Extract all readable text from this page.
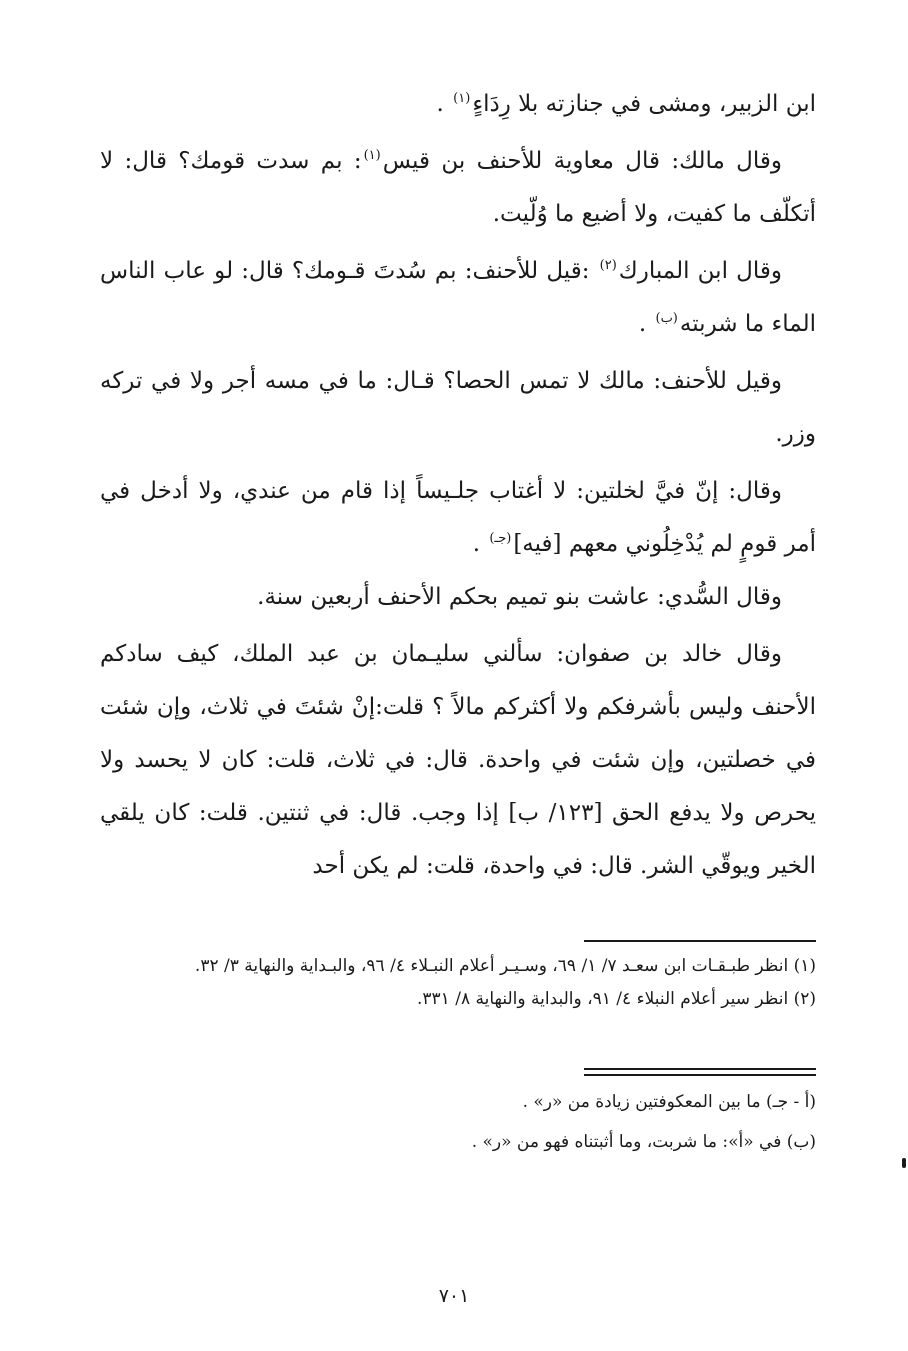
ابن الزبير، ومشى في جنازته بلا رِدَاءٍ$^{(١)}$ .

وقال مالك: قال معاوية للأحنف بن قيس$^{(١)}$: بم سدت قومك؟ قال: لا أتكلّف ما كفيت، ولا أضيع ما وُلّيت.

وقال ابن المبارك$^{(٢)}$ :قيل للأحنف: بم سُدتَ قـومك؟ قال: لو عاب الناس الماء ما شربته$^{(ب)}$ .

وقيل للأحنف: مالك لا تمس الحصا؟ قـال: ما في مسه أجر ولا في تركه وزر.

وقال: إنّ فيَّ لخلتين: لا أغتاب جلـيساً إذا قام من عندي، ولا أدخل في أمر قومٍ لم يُدْخِلُوني معهم [فيه]$^{(جـ)}$ .

وقال السُّدي: عاشت بنو تميم بحكم الأحنف أربعين سنة.

وقال خالد بن صفوان: سألني سليـمان بن عبد الملك، كيف سادكم الأحنف وليس بأشرفكم ولا أكثركم مالاً ؟ قلت:إنْ شئتَ في ثلاث، وإن شئت في خصلتين، وإن شئت في واحدة. قال: في ثلاث، قلت: كان لا يحسد ولا يحرص ولا يدفع الحق [١٢٣/ ب] إذا وجب. قال: في ثنتين. قلت: كان يلقي الخير ويوقّي الشر. قال: في واحدة، قلت: لم يكن أحد

(١) انظر طبـقـات ابن سعـد ٧/ ١/ ٦٩، وسـيـر أعلام النبـلاء ٤/ ٩٦، والبـداية والنهاية ٣/ ٣٢.

(٢) انظر سير أعلام النبلاء ٤/ ٩١، والبداية والنهاية ٨/ ٣٣١.

(أ - جـ) ما بين المعكوفتين زيادة من «ر» .

(ب) في «أ»: ما شربت، وما أثبتناه فهو من «ر» .

٧٠١
